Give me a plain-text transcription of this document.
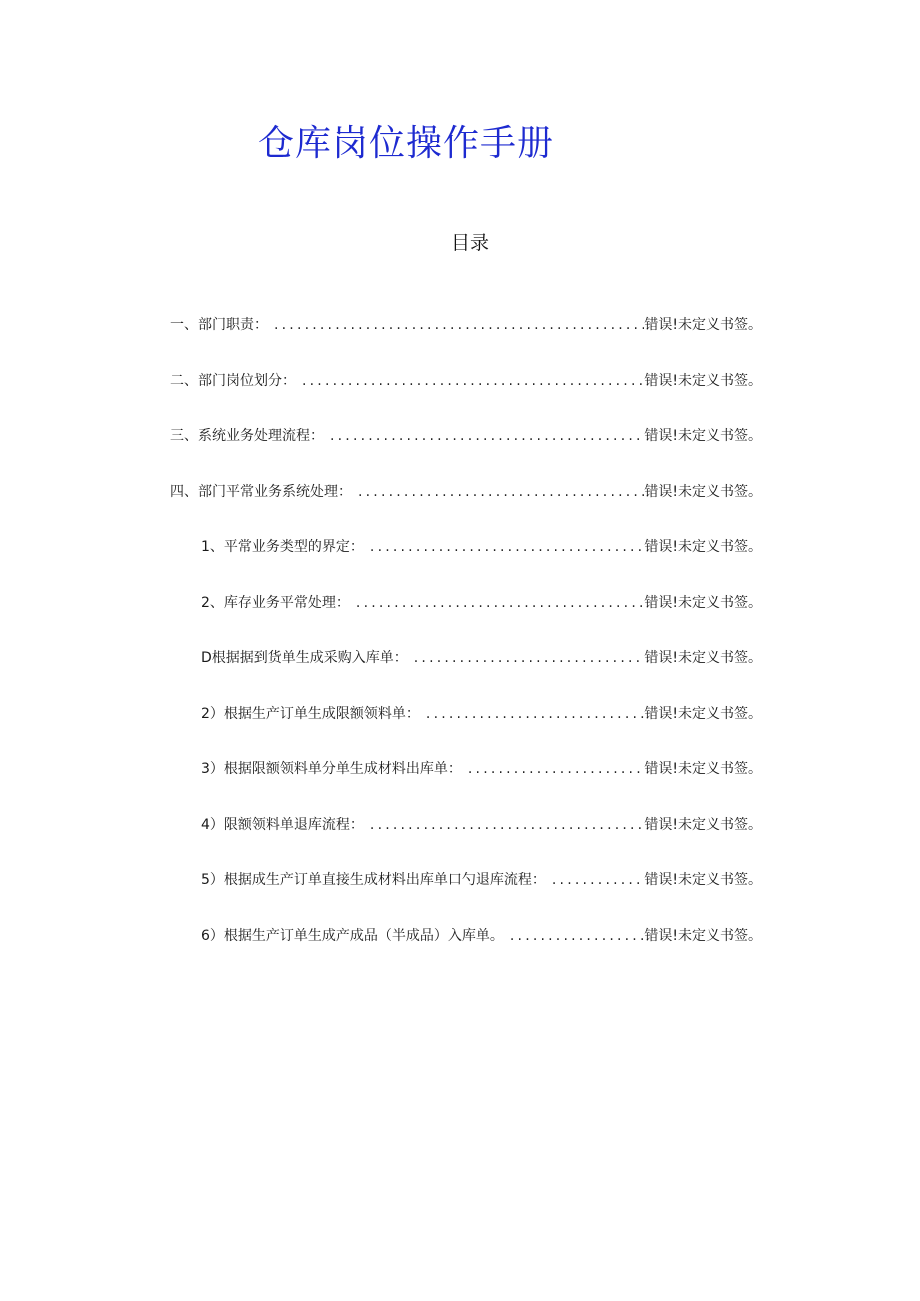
仓库岗位操作手册
目录
一、部门职责： .....	错误!未定义书签。
二、部门岗位划分： .....	错误!未定义书签。
三、系统业务处理流程： .....	错误!未定义书签。
四、部门平常业务系统处理： .....	错误!未定义书签。
1、平常业务类型的界定： .....	错误!未定义书签。
2、库存业务平常处理： .....	错误!未定义书签。
D根据据到货单生成采购入库单： .....	错误!未定义书签。
2）根据生产订单生成限额领料单： .....	错误!未定义书签。
3）根据限额领料单分单生成材料出库单： .....	错误!未定义书签。
4）限额领料单退库流程： .....	错误!未定义书签。
5）根据成生产订单直接生成材料出库单口勺退库流程： .....	错误!未定义书签。
6）根据生产订单生成产成品（半成品）入库单。 .....	错误!未定义书签。
